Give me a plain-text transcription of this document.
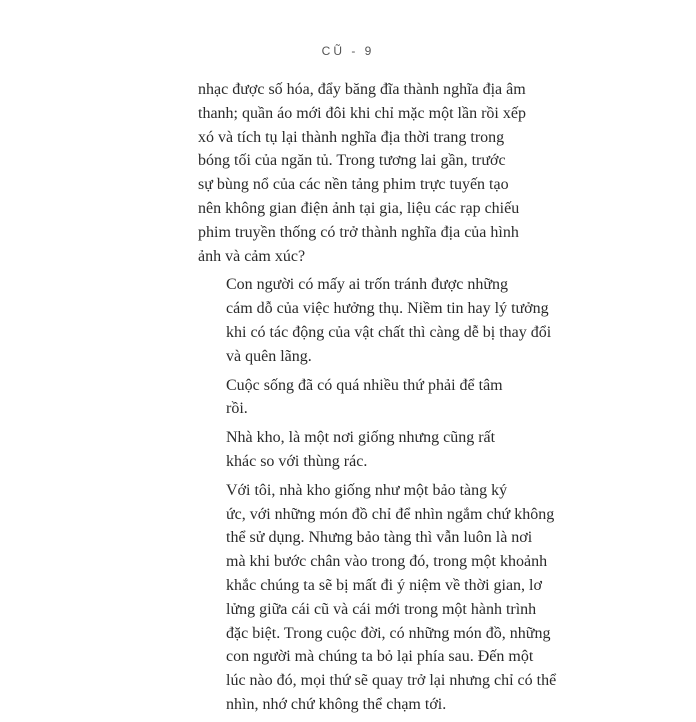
CŨ - 9

nhạc được số hóa, đẩy băng đĩa thành nghĩa địa âm
thanh; quần áo mới đôi khi chỉ mặc một lần rồi xếp
xó và tích tụ lại thành nghĩa địa thời trang trong
bóng tối của ngăn tủ. Trong tương lai gần, trước
sự bùng nổ của các nền tảng phim trực tuyến tạo
nên không gian điện ảnh tại gia, liệu các rạp chiếu
phim truyền thống có trở thành nghĩa địa của hình
ảnh và cảm xúc?

Con người có mấy ai trốn tránh được những
cám dỗ của việc hưởng thụ. Niềm tin hay lý tưởng
khi có tác động của vật chất thì càng dễ bị thay đổi
và quên lãng.

Cuộc sống đã có quá nhiều thứ phải để tâm
rồi.

Nhà kho, là một nơi giống nhưng cũng rất
khác so với thùng rác.

Với tôi, nhà kho giống như một bảo tàng ký
ức, với những món đồ chỉ để nhìn ngắm chứ không
thể sử dụng. Nhưng bảo tàng thì vẫn luôn là nơi
mà khi bước chân vào trong đó, trong một khoảnh
khắc chúng ta sẽ bị mất đi ý niệm về thời gian, lơ
lửng giữa cái cũ và cái mới trong một hành trình
đặc biệt. Trong cuộc đời, có những món đồ, những
con người mà chúng ta bỏ lại phía sau. Đến một
lúc nào đó, mọi thứ sẽ quay trở lại nhưng chỉ có thể
nhìn, nhớ chứ không thể chạm tới.
